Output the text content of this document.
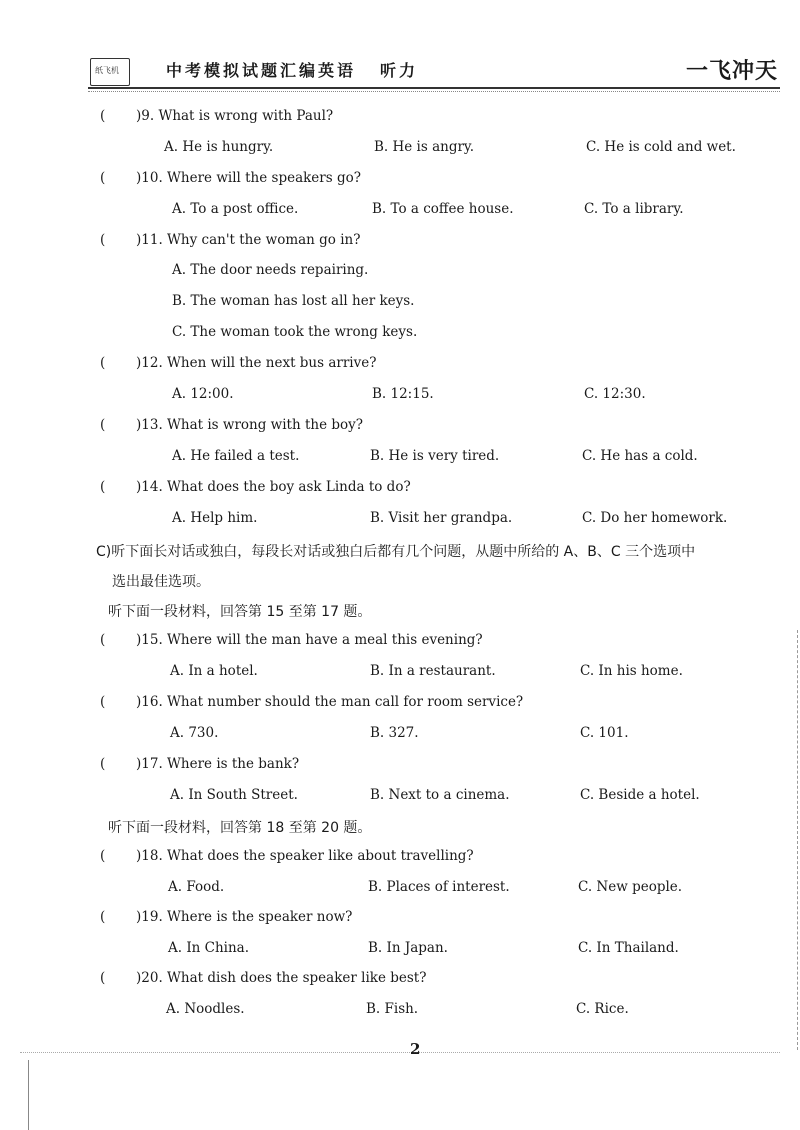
纸飞机	中考模拟试题汇编英语 听力	一飞冲天
( )9. What is wrong with Paul?
A. He is hungry.	B. He is angry.	C. He is cold and wet.
( )10. Where will the speakers go?
A. To a post office.	B. To a coffee house.	C. To a library.
( )11. Why can't the woman go in?
A. The door needs repairing.
B. The woman has lost all her keys.
C. The woman took the wrong keys.
( )12. When will the next bus arrive?
A. 12:00.	B. 12:15.	C. 12:30.
( )13. What is wrong with the boy?
A. He failed a test.	B. He is very tired.	C. He has a cold.
( )14. What does the boy ask Linda to do?
A. Help him.	B. Visit her grandpa.	C. Do her homework.
C)听下面长对话或独白，每段长对话或独白后都有几个问题，从题中所给的 A、B、C 三个选项中
选出最佳选项。
听下面一段材料，回答第 15 至第 17 题。
( )15. Where will the man have a meal this evening?
A. In a hotel.	B. In a restaurant.	C. In his home.
( )16. What number should the man call for room service?
A. 730.	B. 327.	C. 101.
( )17. Where is the bank?
A. In South Street.	B. Next to a cinema.	C. Beside a hotel.
听下面一段材料，回答第 18 至第 20 题。
( )18. What does the speaker like about travelling?
A. Food.	B. Places of interest.	C. New people.
( )19. Where is the speaker now?
A. In China.	B. In Japan.	C. In Thailand.
( )20. What dish does the speaker like best?
A. Noodles.	B. Fish.	C. Rice.
2
